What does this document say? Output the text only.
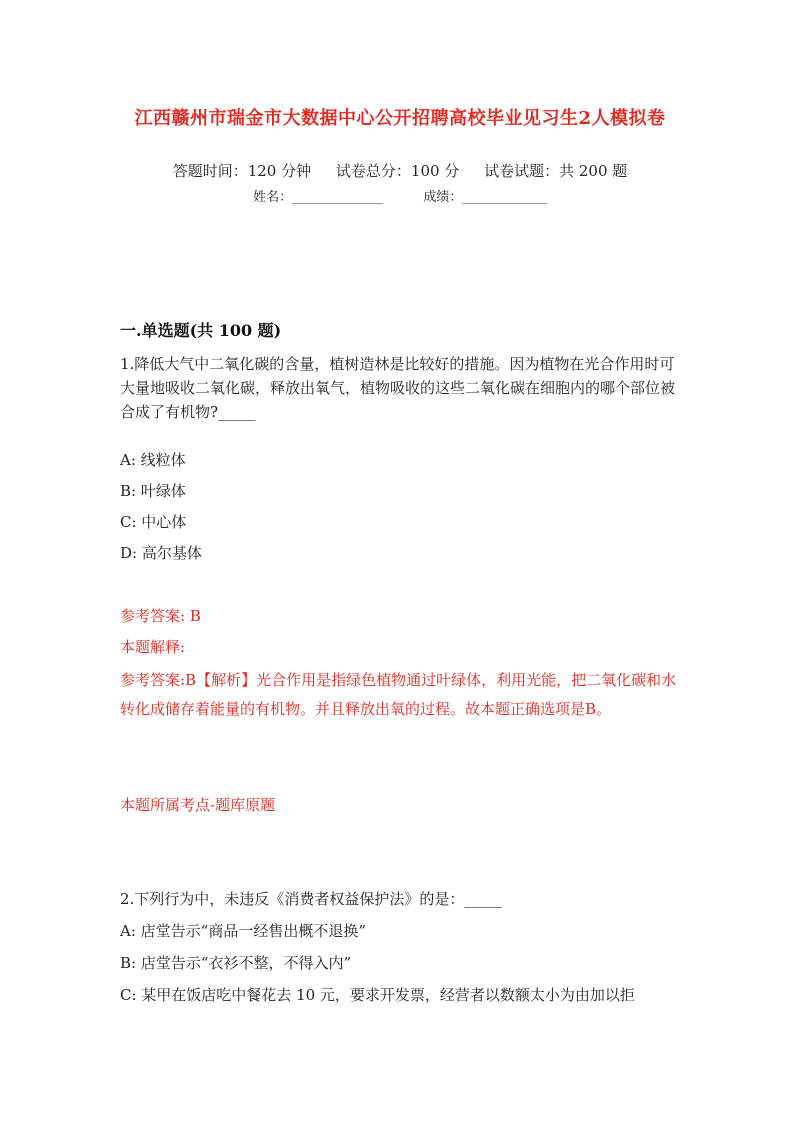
江西赣州市瑞金市大数据中心公开招聘高校毕业见习生2人模拟卷
答题时间：120 分钟 试卷总分：100 分 试卷试题：共 200 题
姓名：______________	成绩：_____________
一.单选题(共 100 题)
1.降低大气中二氧化碳的含量，植树造林是比较好的措施。因为植物在光合作用时可大量地吸收二氧化碳，释放出氧气，植物吸收的这些二氧化碳在细胞内的哪个部位被合成了有机物?_____
A: 线粒体
B: 叶绿体
C: 中心体
D: 高尔基体
参考答案: B
本题解释:
参考答案:B【解析】光合作用是指绿色植物通过叶绿体，利用光能，把二氧化碳和水转化成储存着能量的有机物。并且释放出氧的过程。故本题正确选项是B。
本题所属考点-题库原题
2.下列行为中，未违反《消费者权益保护法》的是：_____
A: 店堂告示“商品一经售出概不退换”
B: 店堂告示“衣衫不整，不得入内”
C: 某甲在饭店吃中餐花去 10 元，要求开发票，经营者以数额太小为由加以拒
